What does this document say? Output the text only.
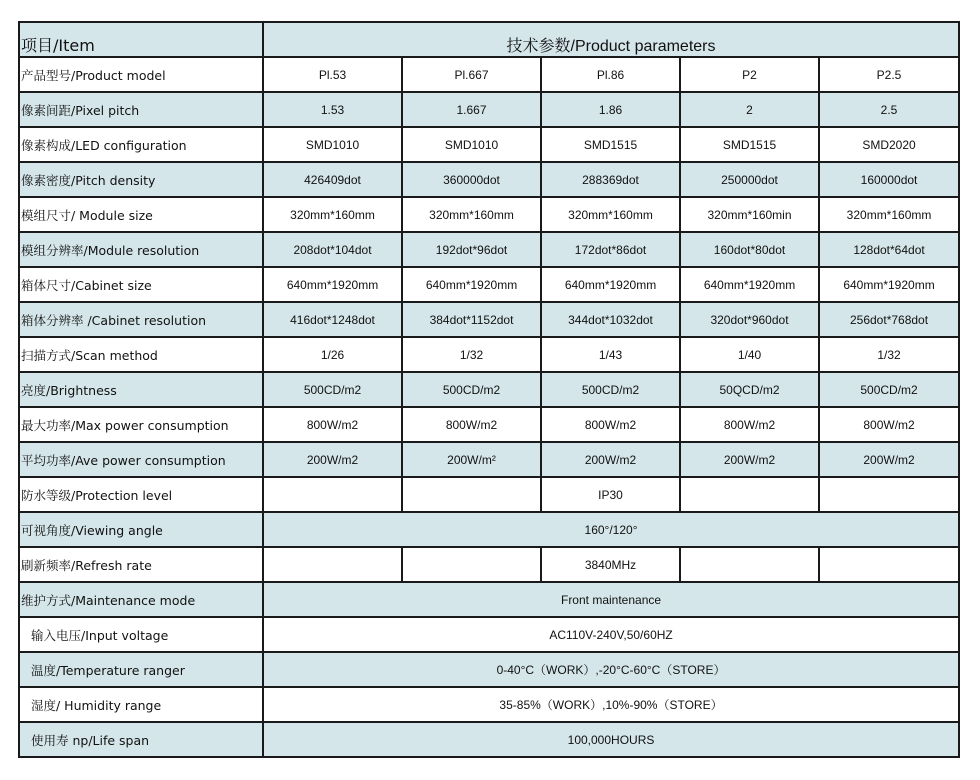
项目/Item	技术参数/Product parameters				
产品型号/Product model	Pl.53	Pl.667	Pl.86	P2	P2.5
像素间距/Pixel pitch	1.53	1.667	1.86	2	2.5
像素构成/LED configuration	SMD1010	SMD1010	SMD1515	SMD1515	SMD2020
像素密度/Pitch density	426409dot	360000dot	288369dot	250000dot	160000dot
模组尺寸/ Module size	320mm*160mm	320mm*160mm	320mm*160mm	320mm*160min	320mm*160mm
模组分辨率/Module resolution	208dot*104dot	192dot*96dot	172dot*86dot	160dot*80dot	128dot*64dot
箱体尺寸/Cabinet size	640mm*1920mm	640mm*1920mm	640mm*1920mm	640mm*1920mm	640mm*1920mm
箱体分辨率 /Cabinet resolution	416dot*1248dot	384dot*1152dot	344dot*1032dot	320dot*960dot	256dot*768dot
扫描方式/Scan method	1/26	1/32	1/43	1/40	1/32
亮度/Brightness	500CD/m2	500CD/m2	500CD/m2	50QCD/m2	500CD/m2
最大功率/Max power consumption	800W/m2	800W/m2	800W/m2	800W/m2	800W/m2
平均功率/Ave power consumption	200W/m2	200W/m²	200W/m2	200W/m2	200W/m2
防水等级/Protection level			IP30		
可视角度/Viewing angle	160°/120°				
刷新频率/Refresh rate			3840MHz		
维护方式/Maintenance mode	Front maintenance				
输入电压/Input voltage	AC110V-240V,50/60HZ				
温度/Temperature ranger	0-40°C（WORK）,-20°C-60°C（STORE）				
湿度/ Humidity range	35-85%（WORK）,10%-90%（STORE）				
使用寿 np/Life span	100,000HOURS				
